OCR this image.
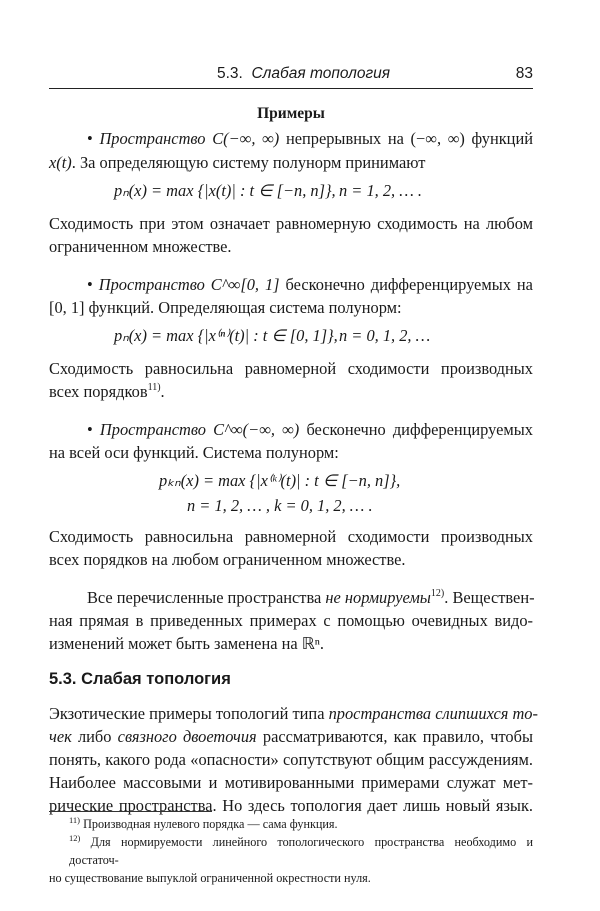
5.3. Слабая топология	83
Примеры
• Пространство C(−∞, ∞) непрерывных на (−∞, ∞) функций
x(t). За определяющую систему полунорм принимают
pₙ(x) = max {|x(t)| : t ∈ [−n, n]}, n = 1, 2, … .
Сходимость при этом означает равномерную сходимость на любом
ограниченном множестве.
• Пространство C^∞[0, 1] бесконечно дифференцируемых на
[0, 1] функций. Определяющая система полунорм:
pₙ(x) = max {|x⁽ⁿ⁾(t)| : t ∈ [0, 1]}, n = 0, 1, 2, …
Сходимость равносильна равномерной сходимости производных
всех порядков$^{11)}$.
• Пространство C^∞(−∞, ∞) бесконечно дифференцируемых
на всей оси функций. Система полунорм:
pₖₙ(x) = max {|x⁽ᵏ⁾(t)| : t ∈ [−n, n]},
n = 1, 2, … , k = 0, 1, 2, … .
Сходимость равносильна равномерной сходимости производных
всех порядков на любом ограниченном множестве.
Все перечисленные пространства не нормируемы$^{12)}$. Веществен-
ная прямая в приведенных примерах с помощью очевидных видо-
изменений может быть заменена на ℝⁿ.
5.3. Слабая топология
Экзотические примеры топологий типа пространства слипшихся то-
чек либо связного двоеточия рассматриваются, как правило, чтобы
понять, какого рода «опасности» сопутствуют общим рассуждениям.
Наиболее массовыми и мотивированными примерами служат мет-
рические пространства. Но здесь топология дает лишь новый язык.
$^{11)}$ Производная нулевого порядка — сама функция.
$^{12)}$ Для нормируемости линейного топологического пространства необходимо и достаточ-
но существование выпуклой ограниченной окрестности нуля.
